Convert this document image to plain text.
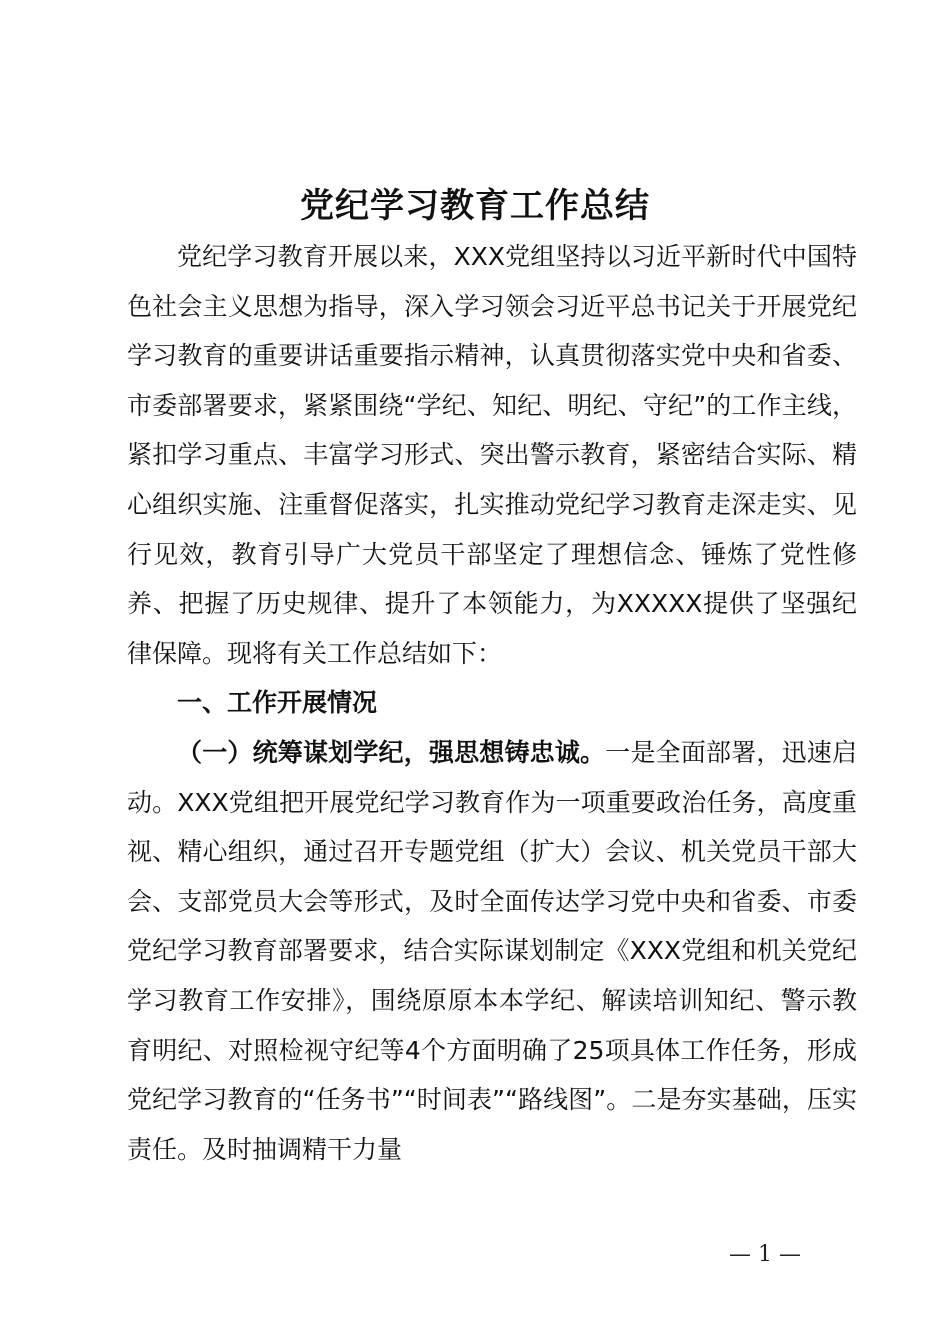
党纪学习教育工作总结

党纪学习教育开展以来，XXX党组坚持以习近平新时代中国特色社会主义思想为指导，深入学习领会习近平总书记关于开展党纪学习教育的重要讲话重要指示精神，认真贯彻落实党中央和省委、市委部署要求，紧紧围绕“学纪、知纪、明纪、守纪”的工作主线，紧扣学习重点、丰富学习形式、突出警示教育，紧密结合实际、精心组织实施、注重督促落实，扎实推动党纪学习教育走深走实、见行见效，教育引导广大党员干部坚定了理想信念、锤炼了党性修养、把握了历史规律、提升了本领能力，为XXXXX提供了坚强纪律保障。现将有关工作总结如下：

一、工作开展情况

（一）统筹谋划学纪，强思想铸忠诚。一是全面部署，迅速启动。XXX党组把开展党纪学习教育作为一项重要政治任务，高度重视、精心组织，通过召开专题党组（扩大）会议、机关党员干部大会、支部党员大会等形式，及时全面传达学习党中央和省委、市委党纪学习教育部署要求，结合实际谋划制定《XXX党组和机关党纪学习教育工作安排》，围绕原原本本学纪、解读培训知纪、警示教育明纪、对照检视守纪等4个方面明确了25项具体工作任务，形成党纪学习教育的“任务书”“时间表”“路线图”。二是夯实基础，压实责任。及时抽调精干力量

— 1 —
